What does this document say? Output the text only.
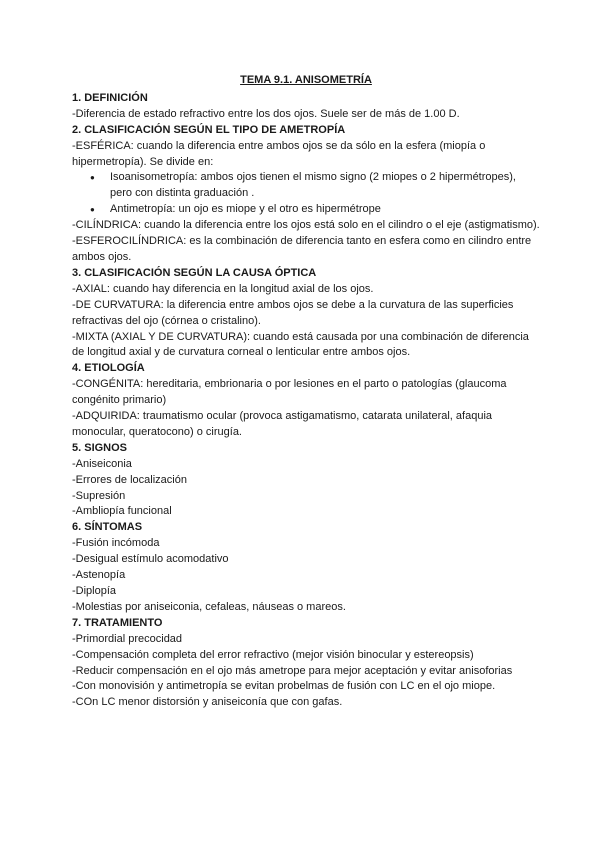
TEMA 9.1. ANISOMETRÍA
1. DEFINICIÓN
-Diferencia de estado refractivo entre los dos ojos. Suele ser de más de 1.00 D.
2. CLASIFICACIÓN SEGÚN EL TIPO DE AMETROPÍA
-ESFÉRICA: cuando la diferencia entre ambos ojos se da sólo en la esfera (miopía o hipermetropía). Se divide en:
● Isoanisometropía: ambos ojos tienen el mismo signo (2 miopes o 2 hipermétropes), pero con distinta graduación .
● Antimetropía: un ojo es miope y el otro es hipermétrope
-CILÍNDRICA: cuando la diferencia entre los ojos está solo en el cilindro o el eje (astigmatismo).
-ESFEROCILÍNDRICA: es la combinación de diferencia tanto en esfera como en cilindro entre ambos ojos.
3. CLASIFICACIÓN SEGÚN LA CAUSA ÓPTICA
-AXIAL: cuando hay diferencia en la longitud axial de los ojos.
-DE CURVATURA: la diferencia entre ambos ojos se debe a la curvatura de las superficies refractivas del ojo (córnea o cristalino).
-MIXTA (AXIAL Y DE CURVATURA): cuando está causada por una combinación de diferencia de longitud axial y de curvatura corneal o lenticular entre ambos ojos.
4. ETIOLOGÍA
-CONGÉNITA: hereditaria, embrionaria o por lesiones en el parto o patologías (glaucoma congénito primario)
-ADQUIRIDA: traumatismo ocular (provoca astigamatismo, catarata unilateral, afaquia monocular, queratocono) o cirugía.
5. SIGNOS
-Aniseiconia
-Errores de localización
-Supresión
-Ambliopía funcional
6. SÍNTOMAS
-Fusión incómoda
-Desigual estímulo acomodativo
-Astenopía
-Diplopía
-Molestias por aniseiconia, cefaleas, náuseas o mareos.
7. TRATAMIENTO
-Primordial precocidad
-Compensación completa del error refractivo (mejor visión binocular y estereopsis)
-Reducir compensación en el ojo más ametrope para mejor aceptación y evitar anisoforias
-Con monovisión y antimetropía se evitan probelmas de fusión con LC en el ojo miope.
-COn LC menor distorsión y aniseiconía que con gafas.
